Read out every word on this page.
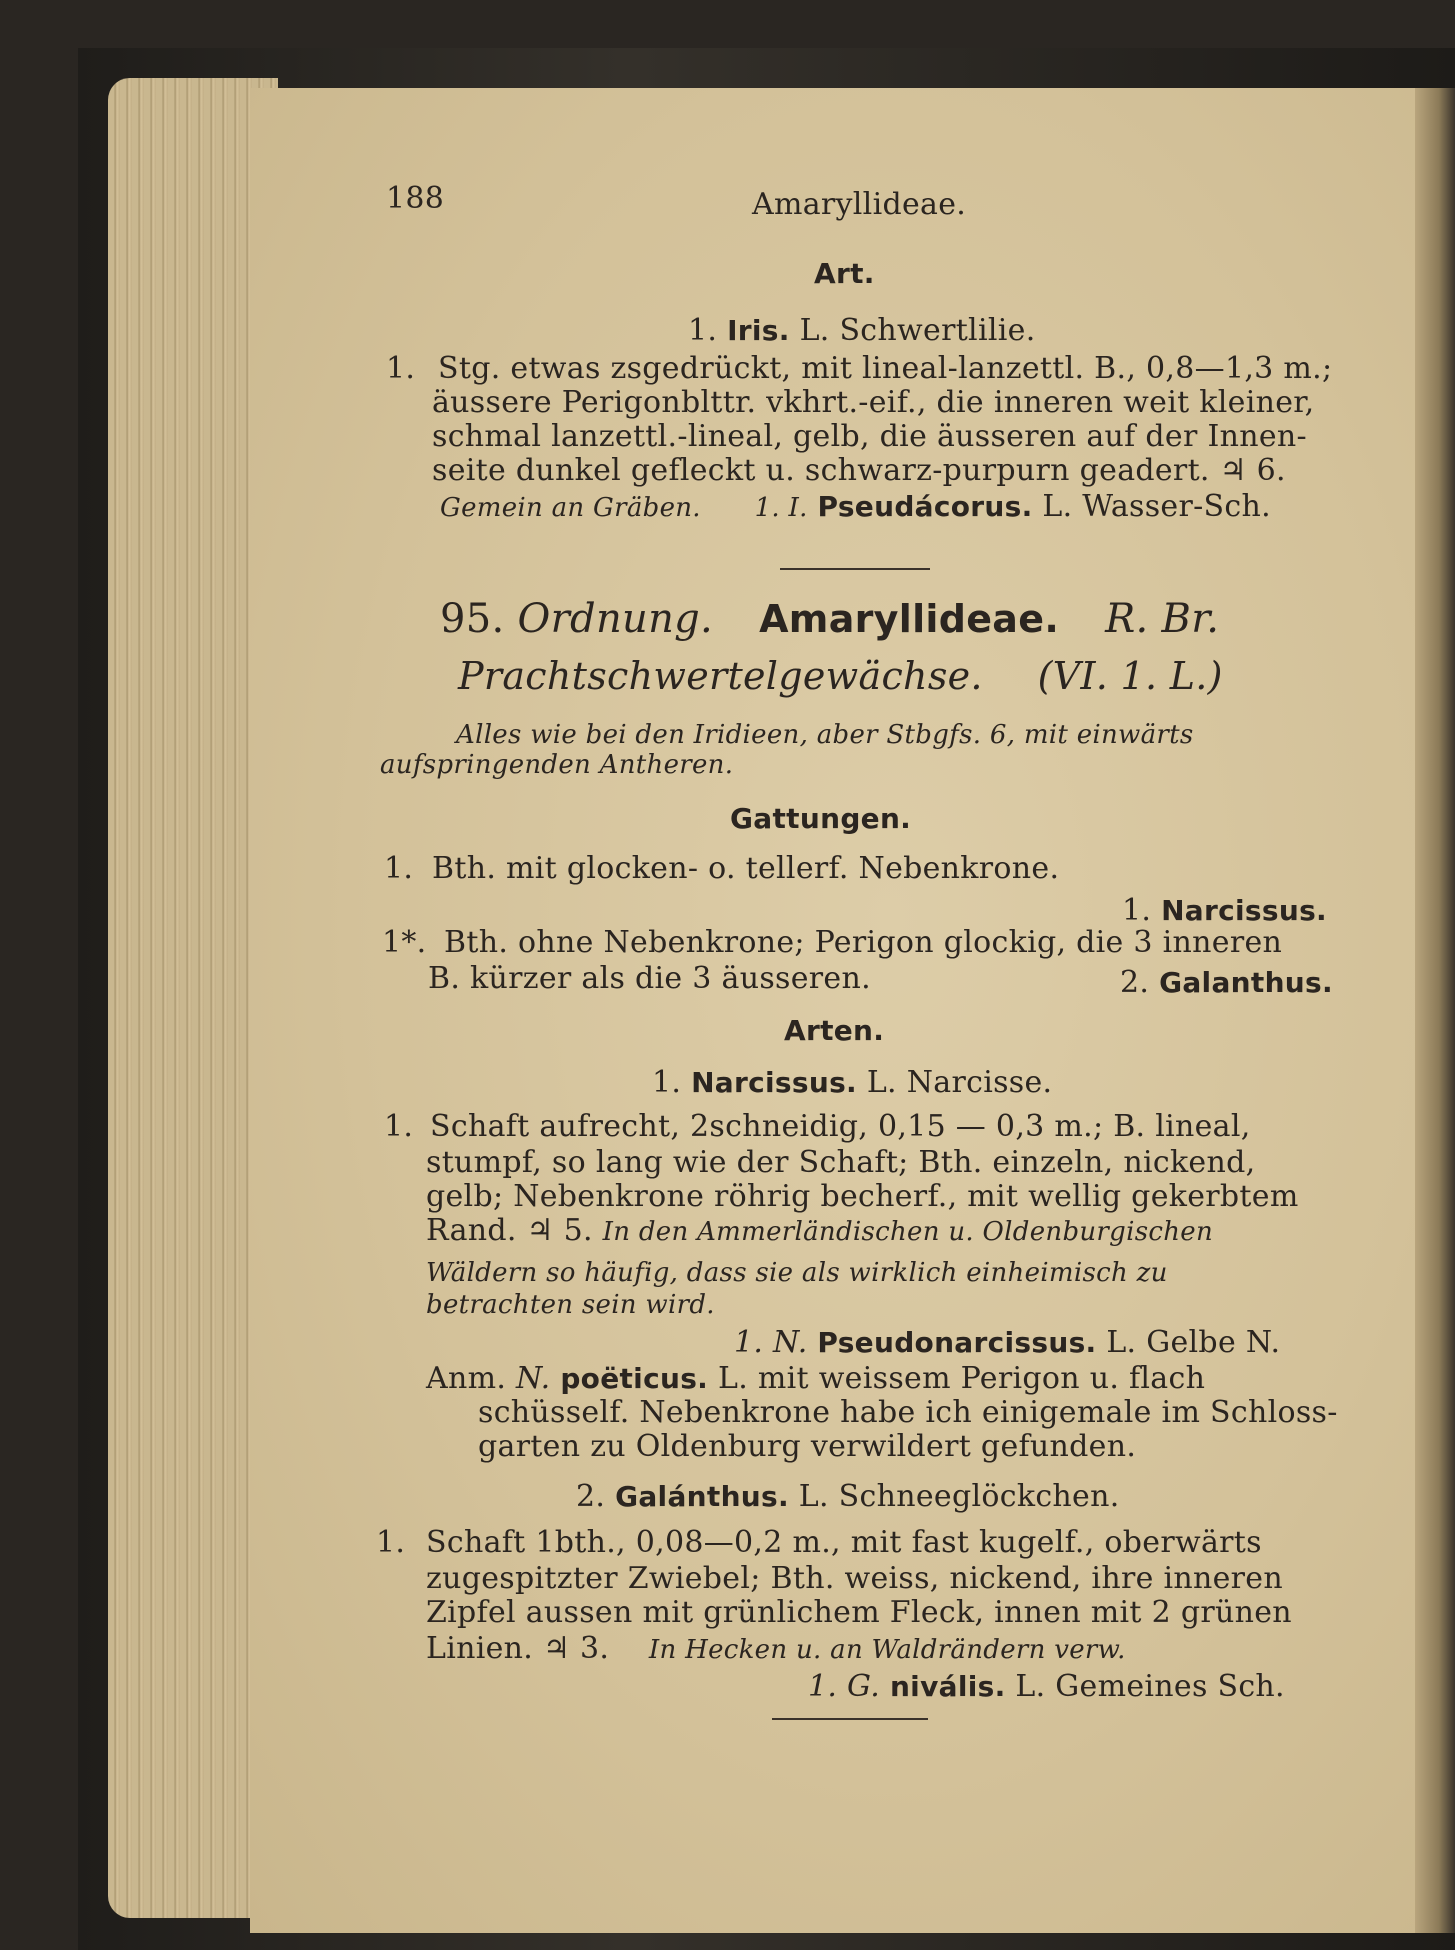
188	Amaryllideae.
Art.
1. Iris. L. Schwertlilie.
1. Stg. etwas zsgedrückt, mit lineal-lanzettl. B., 0,8—1,3 m.;
äussere Perigonblttr. vkhrt.-eif., die inneren weit kleiner,
schmal lanzettl.-lineal, gelb, die äusseren auf der Innen-
seite dunkel gefleckt u. schwarz-purpurn geadert. ♃ 6.
Gemein an Gräben. 1. I. Pseudácorus. L. Wasser-Sch.
95. Ordnung. Amaryllideae. R. Br.
Prachtschwertelgewächse. (VI. 1. L.)
Alles wie bei den Iridieen, aber Stbgfs. 6, mit einwärts
aufspringenden Antheren.
Gattungen.
1. Bth. mit glocken- o. tellerf. Nebenkrone.
1. Narcissus.
1*. Bth. ohne Nebenkrone; Perigon glockig, die 3 inneren
B. kürzer als die 3 äusseren.	2. Galanthus.
Arten.
1. Narcissus. L. Narcisse.
1. Schaft aufrecht, 2schneidig, 0,15 — 0,3 m.; B. lineal,
stumpf, so lang wie der Schaft; Bth. einzeln, nickend,
gelb; Nebenkrone röhrig becherf., mit wellig gekerbtem
Rand. ♃ 5. In den Ammerländischen u. Oldenburgischen
Wäldern so häufig, dass sie als wirklich einheimisch zu
betrachten sein wird.
1. N. Pseudonarcissus. L. Gelbe N.
Anm. N. poëticus. L. mit weissem Perigon u. flach
schüsself. Nebenkrone habe ich einigemale im Schloss-
garten zu Oldenburg verwildert gefunden.
2. Galánthus. L. Schneeglöckchen.
1. Schaft 1bth., 0,08—0,2 m., mit fast kugelf., oberwärts
zugespitzter Zwiebel; Bth. weiss, nickend, ihre inneren
Zipfel aussen mit grünlichem Fleck, innen mit 2 grünen
Linien. ♃ 3. In Hecken u. an Waldrändern verw.
1. G. nivális. L. Gemeines Sch.
